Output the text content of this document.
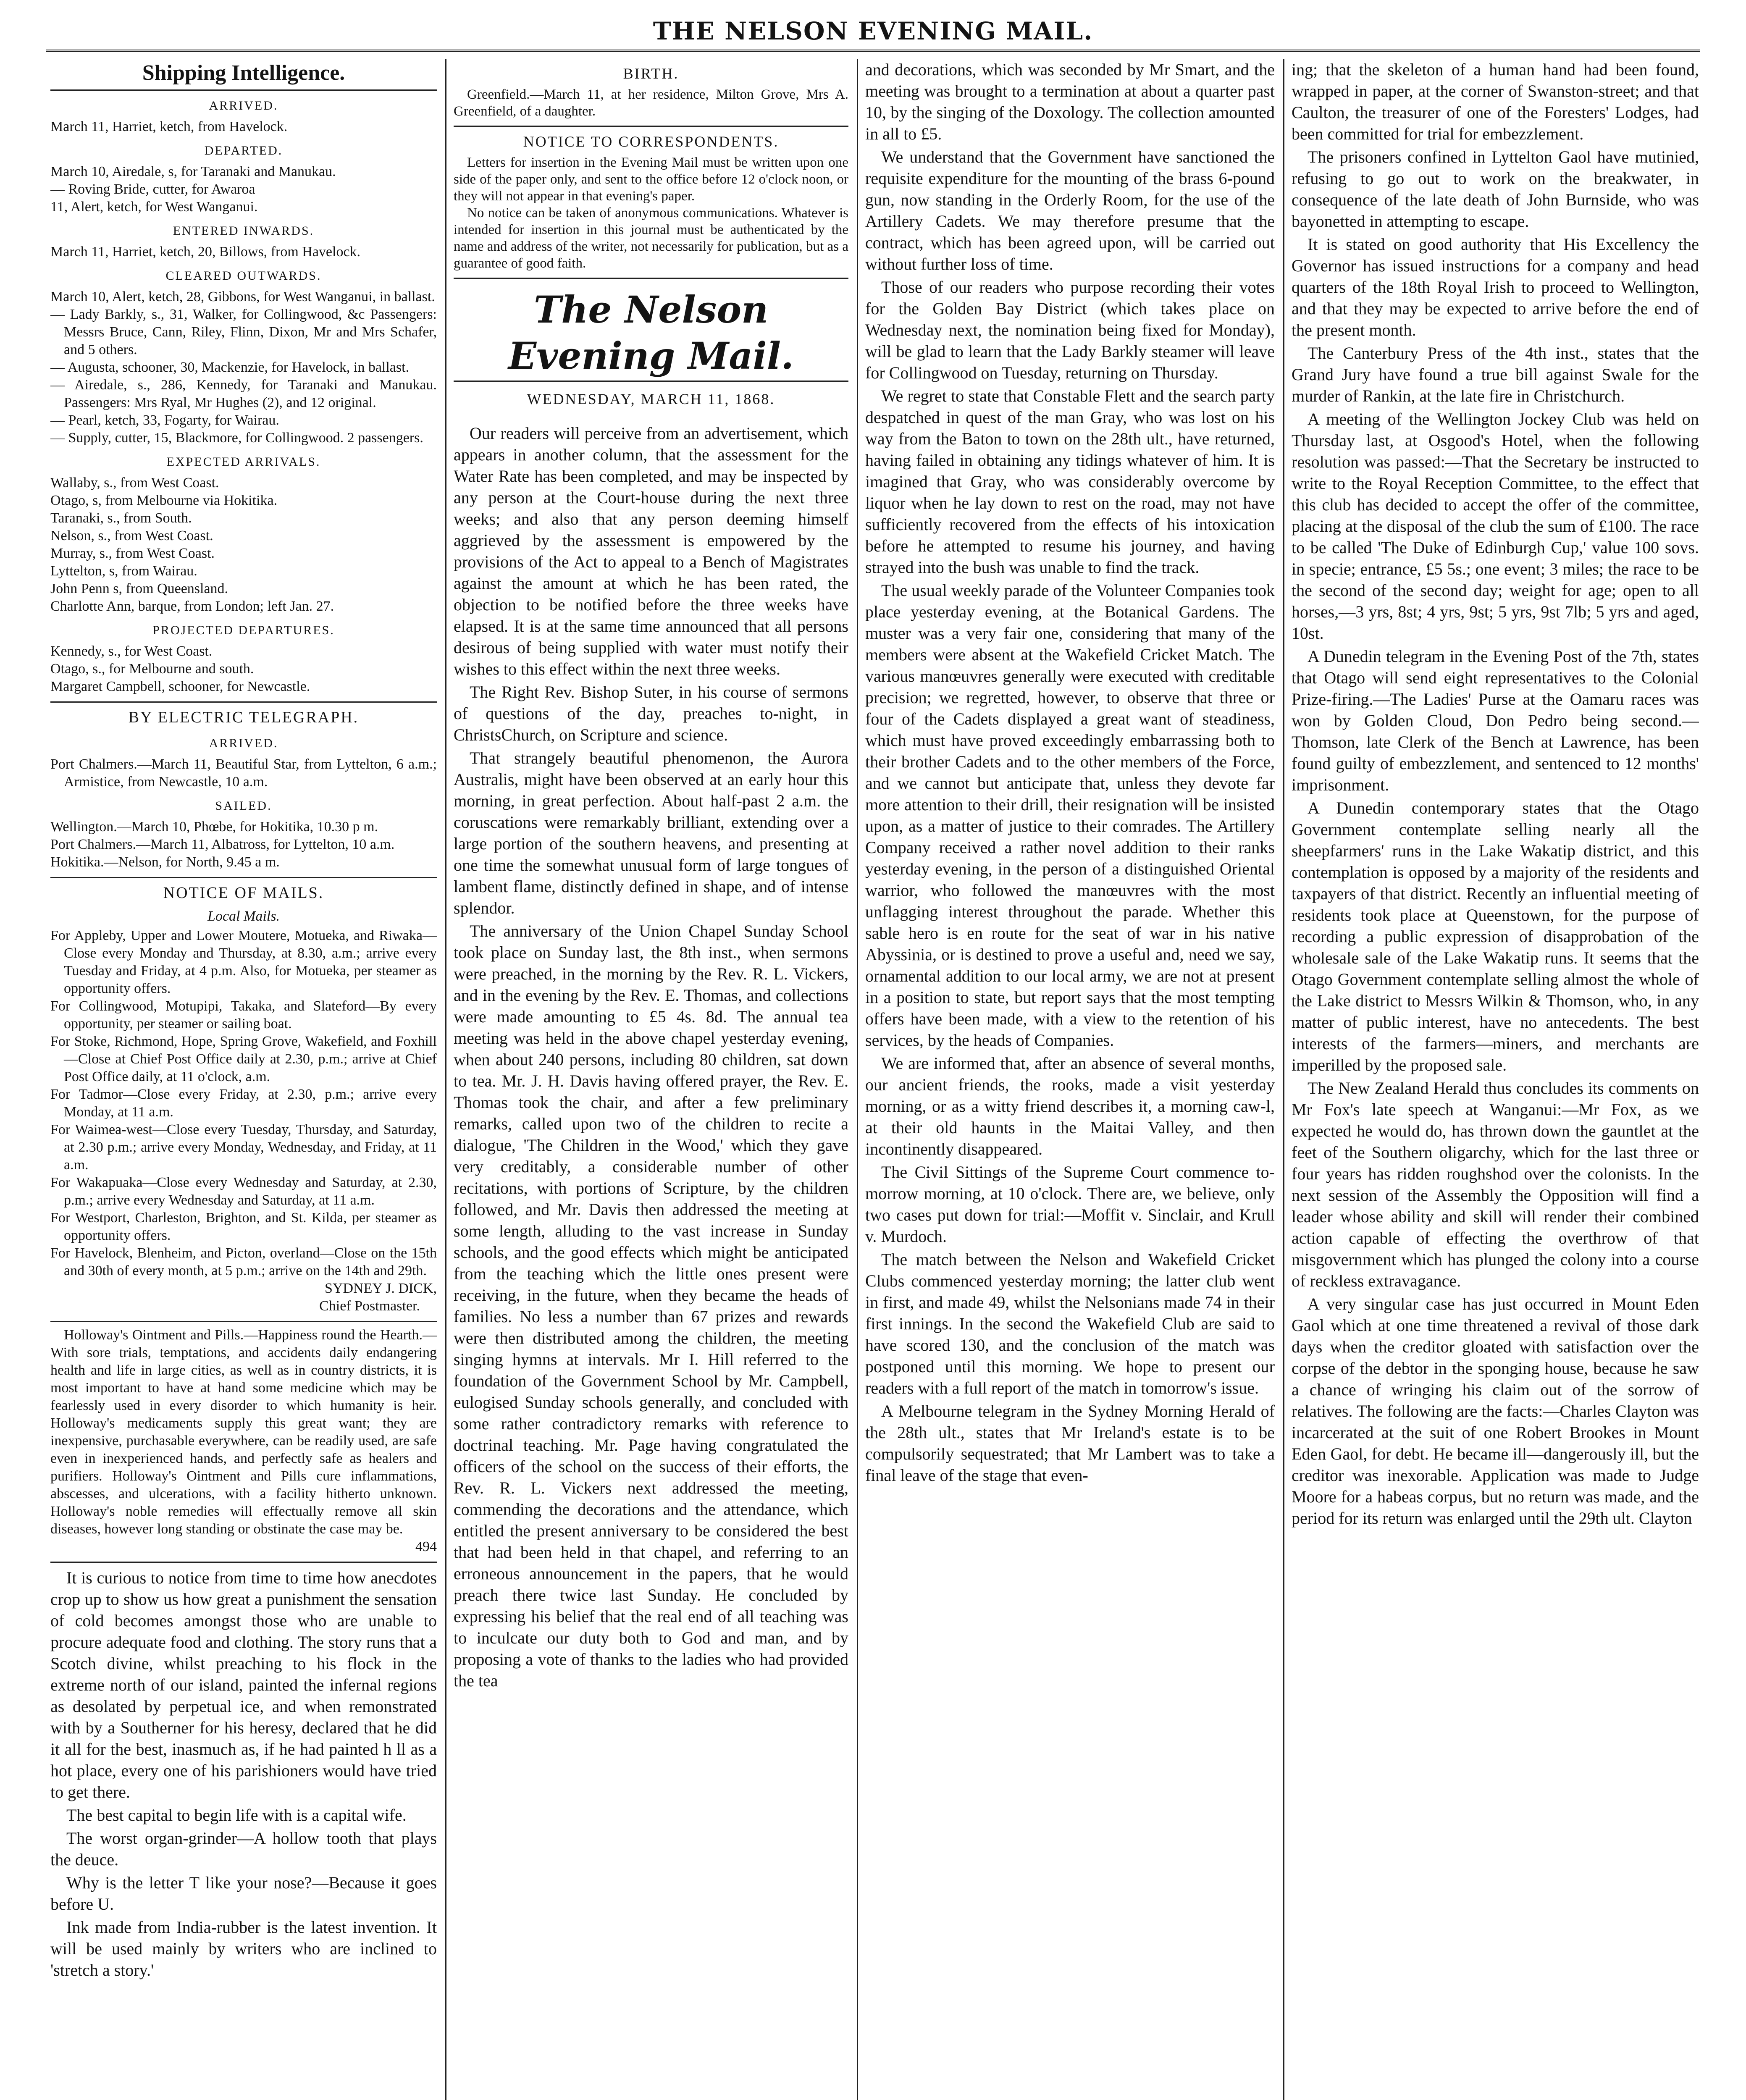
THE NELSON EVENING MAIL.
Shipping Intelligence.
ARRIVED.

March 11, Harriet, ketch, from Havelock.

DEPARTED.

March 10, Airedale, s, for Taranaki and Manukau.

— Roving Bride, cutter, for Awaroa

11, Alert, ketch, for West Wanganui.

ENTERED INWARDS.

March 11, Harriet, ketch, 20, Billows, from Havelock.

CLEARED OUTWARDS.

March 10, Alert, ketch, 28, Gibbons, for West Wanganui, in ballast.

— Lady Barkly, s., 31, Walker, for Collingwood, &c Passengers: Messrs Bruce, Cann, Riley, Flinn, Dixon, Mr and Mrs Schafer, and 5 others.

— Augusta, schooner, 30, Mackenzie, for Havelock, in ballast.

— Airedale, s., 286, Kennedy, for Taranaki and Manukau. Passengers: Mrs Ryal, Mr Hughes (2), and 12 original.

— Pearl, ketch, 33, Fogarty, for Wairau.

— Supply, cutter, 15, Blackmore, for Collingwood. 2 passengers.

EXPECTED ARRIVALS.

Wallaby, s., from West Coast.

Otago, s, from Melbourne via Hokitika.

Taranaki, s., from South.

Nelson, s., from West Coast.

Murray, s., from West Coast.

Lyttelton, s, from Wairau.

John Penn s, from Queensland.

Charlotte Ann, barque, from London; left Jan. 27.

PROJECTED DEPARTURES.

Kennedy, s., for West Coast.

Otago, s., for Melbourne and south.

Margaret Campbell, schooner, for Newcastle.

BY ELECTRIC TELEGRAPH.
ARRIVED.

Port Chalmers.—March 11, Beautiful Star, from Lyttelton, 6 a.m.; Armistice, from Newcastle, 10 a.m.

SAILED.

Wellington.—March 10, Phœbe, for Hokitika, 10.30 p m.

Port Chalmers.—March 11, Albatross, for Lyttelton, 10 a.m.

Hokitika.—Nelson, for North, 9.45 a m.

NOTICE OF MAILS.
Local Mails.

For Appleby, Upper and Lower Moutere, Motueka, and Riwaka—Close every Monday and Thursday, at 8.30, a.m.; arrive every Tuesday and Friday, at 4 p.m. Also, for Motueka, per steamer as opportunity offers.

For Collingwood, Motupipi, Takaka, and Slateford—By every opportunity, per steamer or sailing boat.

For Stoke, Richmond, Hope, Spring Grove, Wakefield, and Foxhill—Close at Chief Post Office daily at 2.30, p.m.; arrive at Chief Post Office daily, at 11 o'clock, a.m.

For Tadmor—Close every Friday, at 2.30, p.m.; arrive every Monday, at 11 a.m.

For Waimea-west—Close every Tuesday, Thursday, and Saturday, at 2.30 p.m.; arrive every Monday, Wednesday, and Friday, at 11 a.m.

For Wakapuaka—Close every Wednesday and Saturday, at 2.30, p.m.; arrive every Wednesday and Saturday, at 11 a.m.

For Westport, Charleston, Brighton, and St. Kilda, per steamer as opportunity offers.

For Havelock, Blenheim, and Picton, overland—Close on the 15th and 30th of every month, at 5 p.m.; arrive on the 14th and 29th.

SYDNEY J. DICK,
Chief Postmaster.

Holloway's Ointment and Pills.—Happiness round the Hearth.—With sore trials, temptations, and accidents daily endangering health and life in large cities, as well as in country districts, it is most important to have at hand some medicine which may be fearlessly used in every disorder to which humanity is heir. Holloway's medicaments supply this great want; they are inexpensive, purchasable everywhere, can be readily used, are safe even in inexperienced hands, and perfectly safe as healers and purifiers. Holloway's Ointment and Pills cure inflammations, abscesses, and ulcerations, with a facility hitherto unknown. Holloway's noble remedies will effectually remove all skin diseases, however long standing or obstinate the case may be.

494

It is curious to notice from time to time how anecdotes crop up to show us how great a punishment the sensation of cold becomes amongst those who are unable to procure adequate food and clothing. The story runs that a Scotch divine, whilst preaching to his flock in the extreme north of our island, painted the infernal regions as desolated by perpetual ice, and when remonstrated with by a Southerner for his heresy, declared that he did it all for the best, inasmuch as, if he had painted h ll as a hot place, every one of his parishioners would have tried to get there.

The best capital to begin life with is a capital wife.

The worst organ-grinder—A hollow tooth that plays the deuce.

Why is the letter T like your nose?—Because it goes before U.

Ink made from India-rubber is the latest invention. It will be used mainly by writers who are inclined to 'stretch a story.'

BIRTH.

Greenfield.—March 11, at her residence, Milton Grove, Mrs A. Greenfield, of a daughter.

NOTICE TO CORRESPONDENTS.

Letters for insertion in the Evening Mail must be written upon one side of the paper only, and sent to the office before 12 o'clock noon, or they will not appear in that evening's paper.

No notice can be taken of anonymous communications. Whatever is intended for insertion in this journal must be authenticated by the name and address of the writer, not necessarily for publication, but as a guarantee of good faith.

The Nelson Evening Mail.
WEDNESDAY, MARCH 11, 1868.

Our readers will perceive from an advertisement, which appears in another column, that the assessment for the Water Rate has been completed, and may be inspected by any person at the Court-house during the next three weeks; and also that any person deeming himself aggrieved by the assessment is empowered by the provisions of the Act to appeal to a Bench of Magistrates against the amount at which he has been rated, the objection to be notified before the three weeks have elapsed. It is at the same time announced that all persons desirous of being supplied with water must notify their wishes to this effect within the next three weeks.

The Right Rev. Bishop Suter, in his course of sermons of questions of the day, preaches to-night, in ChristsChurch, on Scripture and science.

That strangely beautiful phenomenon, the Aurora Australis, might have been observed at an early hour this morning, in great perfection. About half-past 2 a.m. the coruscations were remarkably brilliant, extending over a large portion of the southern heavens, and presenting at one time the somewhat unusual form of large tongues of lambent flame, distinctly defined in shape, and of intense splendor.

The anniversary of the Union Chapel Sunday School took place on Sunday last, the 8th inst., when sermons were preached, in the morning by the Rev. R. L. Vickers, and in the evening by the Rev. E. Thomas, and collections were made amounting to £5 4s. 8d. The annual tea meeting was held in the above chapel yesterday evening, when about 240 persons, including 80 children, sat down to tea. Mr. J. H. Davis having offered prayer, the Rev. E. Thomas took the chair, and after a few preliminary remarks, called upon two of the children to recite a dialogue, 'The Children in the Wood,' which they gave very creditably, a considerable number of other recitations, with portions of Scripture, by the children followed, and Mr. Davis then addressed the meeting at some length, alluding to the vast increase in Sunday schools, and the good effects which might be anticipated from the teaching which the little ones present were receiving, in the future, when they became the heads of families. No less a number than 67 prizes and rewards were then distributed among the children, the meeting singing hymns at intervals. Mr I. Hill referred to the foundation of the Government School by Mr. Campbell, eulogised Sunday schools generally, and concluded with some rather contradictory remarks with reference to doctrinal teaching. Mr. Page having congratulated the officers of the school on the success of their efforts, the Rev. R. L. Vickers next addressed the meeting, commending the decorations and the attendance, which entitled the present anniversary to be considered the best that had been held in that chapel, and referring to an erroneous announcement in the papers, that he would preach there twice last Sunday. He concluded by expressing his belief that the real end of all teaching was to inculcate our duty both to God and man, and by proposing a vote of thanks to the ladies who had provided the tea

and decorations, which was seconded by Mr Smart, and the meeting was brought to a termination at about a quarter past 10, by the singing of the Doxology. The collection amounted in all to £5.

We understand that the Government have sanctioned the requisite expenditure for the mounting of the brass 6-pound gun, now standing in the Orderly Room, for the use of the Artillery Cadets. We may therefore presume that the contract, which has been agreed upon, will be carried out without further loss of time.

Those of our readers who purpose recording their votes for the Golden Bay District (which takes place on Wednesday next, the nomination being fixed for Monday), will be glad to learn that the Lady Barkly steamer will leave for Collingwood on Tuesday, returning on Thursday.

We regret to state that Constable Flett and the search party despatched in quest of the man Gray, who was lost on his way from the Baton to town on the 28th ult., have returned, having failed in obtaining any tidings whatever of him. It is imagined that Gray, who was considerably overcome by liquor when he lay down to rest on the road, may not have sufficiently recovered from the effects of his intoxication before he attempted to resume his journey, and having strayed into the bush was unable to find the track.

The usual weekly parade of the Volunteer Companies took place yesterday evening, at the Botanical Gardens. The muster was a very fair one, considering that many of the members were absent at the Wakefield Cricket Match. The various manœuvres generally were executed with creditable precision; we regretted, however, to observe that three or four of the Cadets displayed a great want of steadiness, which must have proved exceedingly embarrassing both to their brother Cadets and to the other members of the Force, and we cannot but anticipate that, unless they devote far more attention to their drill, their resignation will be insisted upon, as a matter of justice to their comrades. The Artillery Company received a rather novel addition to their ranks yesterday evening, in the person of a distinguished Oriental warrior, who followed the manœuvres with the most unflagging interest throughout the parade. Whether this sable hero is en route for the seat of war in his native Abyssinia, or is destined to prove a useful and, need we say, ornamental addition to our local army, we are not at present in a position to state, but report says that the most tempting offers have been made, with a view to the retention of his services, by the heads of Companies.

We are informed that, after an absence of several months, our ancient friends, the rooks, made a visit yesterday morning, or as a witty friend describes it, a morning caw-l, at their old haunts in the Maitai Valley, and then incontinently disappeared.

The Civil Sittings of the Supreme Court commence to-morrow morning, at 10 o'clock. There are, we believe, only two cases put down for trial:—Moffit v. Sinclair, and Krull v. Murdoch.

The match between the Nelson and Wakefield Cricket Clubs commenced yesterday morning; the latter club went in first, and made 49, whilst the Nelsonians made 74 in their first innings. In the second the Wakefield Club are said to have scored 130, and the conclusion of the match was postponed until this morning. We hope to present our readers with a full report of the match in tomorrow's issue.

A Melbourne telegram in the Sydney Morning Herald of the 28th ult., states that Mr Ireland's estate is to be compulsorily sequestrated; that Mr Lambert was to take a final leave of the stage that even-

ing; that the skeleton of a human hand had been found, wrapped in paper, at the corner of Swanston-street; and that Caulton, the treasurer of one of the Foresters' Lodges, had been committed for trial for embezzlement.

The prisoners confined in Lyttelton Gaol have mutinied, refusing to go out to work on the breakwater, in consequence of the late death of John Burnside, who was bayonetted in attempting to escape.

It is stated on good authority that His Excellency the Governor has issued instructions for a company and head quarters of the 18th Royal Irish to proceed to Wellington, and that they may be expected to arrive before the end of the present month.

The Canterbury Press of the 4th inst., states that the Grand Jury have found a true bill against Swale for the murder of Rankin, at the late fire in Christchurch.

A meeting of the Wellington Jockey Club was held on Thursday last, at Osgood's Hotel, when the following resolution was passed:—That the Secretary be instructed to write to the Royal Reception Committee, to the effect that this club has decided to accept the offer of the committee, placing at the disposal of the club the sum of £100. The race to be called 'The Duke of Edinburgh Cup,' value 100 sovs. in specie; entrance, £5 5s.; one event; 3 miles; the race to be the second of the second day; weight for age; open to all horses,—3 yrs, 8st; 4 yrs, 9st; 5 yrs, 9st 7lb; 5 yrs and aged, 10st.

A Dunedin telegram in the Evening Post of the 7th, states that Otago will send eight representatives to the Colonial Prize-firing.—The Ladies' Purse at the Oamaru races was won by Golden Cloud, Don Pedro being second.—Thomson, late Clerk of the Bench at Lawrence, has been found guilty of embezzlement, and sentenced to 12 months' imprisonment.

A Dunedin contemporary states that the Otago Government contemplate selling nearly all the sheepfarmers' runs in the Lake Wakatip district, and this contemplation is opposed by a majority of the residents and taxpayers of that district. Recently an influential meeting of residents took place at Queenstown, for the purpose of recording a public expression of disapprobation of the wholesale sale of the Lake Wakatip runs. It seems that the Otago Government contemplate selling almost the whole of the Lake district to Messrs Wilkin & Thomson, who, in any matter of public interest, have no antecedents. The best interests of the farmers—miners, and merchants are imperilled by the proposed sale.

The New Zealand Herald thus concludes its comments on Mr Fox's late speech at Wanganui:—Mr Fox, as we expected he would do, has thrown down the gauntlet at the feet of the Southern oligarchy, which for the last three or four years has ridden roughshod over the colonists. In the next session of the Assembly the Opposition will find a leader whose ability and skill will render their combined action capable of effecting the overthrow of that misgovernment which has plunged the colony into a course of reckless extravagance.

A very singular case has just occurred in Mount Eden Gaol which at one time threatened a revival of those dark days when the creditor gloated with satisfaction over the corpse of the debtor in the sponging house, because he saw a chance of wringing his claim out of the sorrow of relatives. The following are the facts:—Charles Clayton was incarcerated at the suit of one Robert Brookes in Mount Eden Gaol, for debt. He became ill—dangerously ill, but the creditor was inexorable. Application was made to Judge Moore for a habeas corpus, but no return was made, and the period for its return was enlarged until the 29th ult. Clayton
